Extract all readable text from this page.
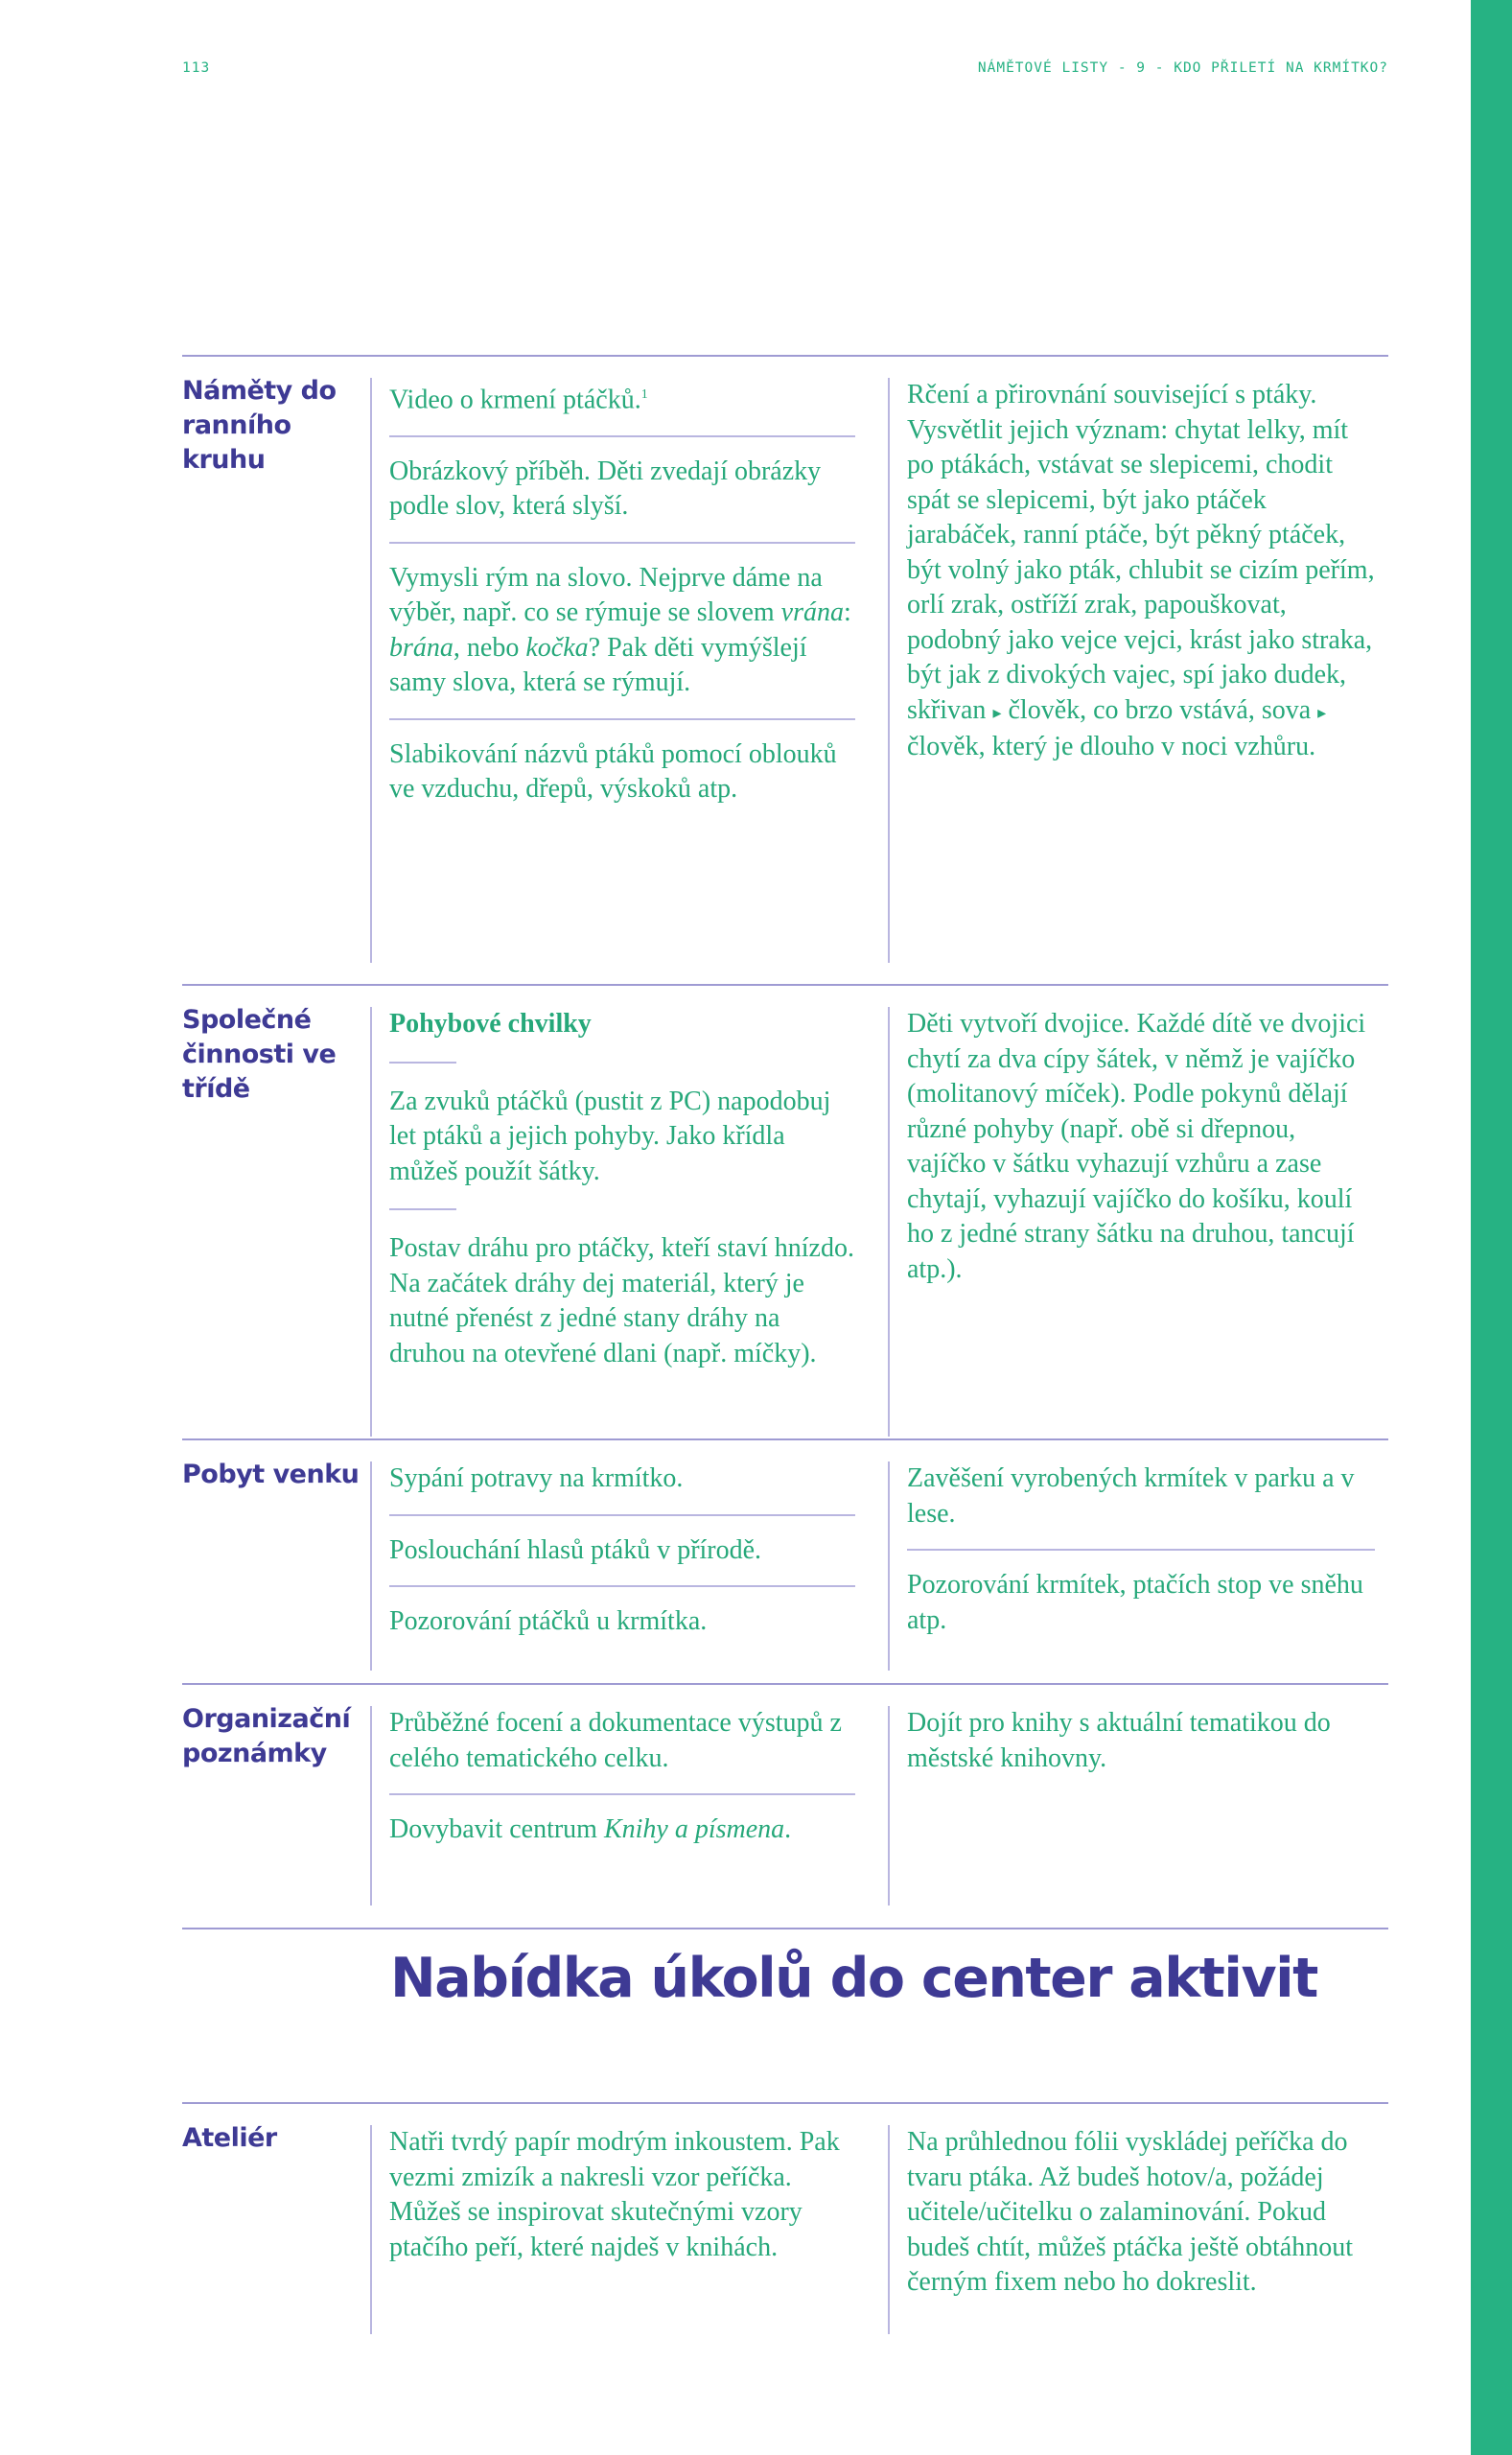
113	NÁMĚTOVÉ LISTY - 9 - KDO PŘILETÍ NA KRMÍTKO?
Náměty do ranního kruhu
Video o krmení ptáčků.$^1$
Obrázkový příběh. Děti zvedají obrázky podle slov, která slyší.
Vymysli rým na slovo. Nejprve dáme na výběr, např. co se rýmuje se slovem vrána: brána, nebo kočka? Pak děti vymýšlejí samy slova, která se rýmují.
Slabikování názvů ptáků pomocí oblouků ve vzduchu, dřepů, výskoků atp.
Rčení a přirovnání související s ptáky. Vysvětlit jejich význam: chytat lelky, mít po ptákách, vstávat se slepicemi, chodit spát se slepicemi, být jako ptáček jarabáček, ranní ptáče, být pěkný ptáček, být volný jako pták, chlubit se cizím peřím, orlí zrak, ostříží zrak, papouškovat, podobný jako vejce vejci, krást jako straka, být jak z divokých vajec, spí jako dudek, skřivan ▸ člověk, co brzo vstává, sova ▸ člověk, který je dlouho v noci vzhůru.
Společné činnosti ve třídě
Pohybové chvilky
Za zvuků ptáčků (pustit z PC) napodobuj let ptáků a jejich pohyby. Jako křídla můžeš použít šátky.
Postav dráhu pro ptáčky, kteří staví hnízdo. Na začátek dráhy dej materiál, který je nutné přenést z jedné stany dráhy na druhou na otevřené dlani (např. míčky).
Děti vytvoří dvojice. Každé dítě ve dvojici chytí za dva cípy šátek, v němž je vajíčko (molitanový míček). Podle pokynů dělají různé pohyby (např. obě si dřepnou, vajíčko v šátku vyhazují vzhůru a zase chytají, vyhazují vajíčko do košíku, koulí ho z jedné strany šátku na druhou, tancují atp.).
Pobyt venku Sypání potravy na krmítko.
Poslouchání hlasů ptáků v přírodě.
Pozorování ptáčků u krmítka.
Zavěšení vyrobených krmítek v parku a v lese.
Pozorování krmítek, ptačích stop ve sněhu atp.
Organizační poznámky
Průběžné focení a dokumentace výstupů z celého tematického celku.
Dovybavit centrum Knihy a písmena.
Dojít pro knihy s aktuální tematikou do městské knihovny.
Nabídka úkolů do center aktivit
Ateliér	Natři tvrdý papír modrým inkoustem. Pak vezmi zmizík a nakresli vzor peříčka. Můžeš se inspirovat skutečnými vzory ptačího peří, které najdeš v knihách.
Na průhlednou fólii vyskládej peříčka do tvaru ptáka. Až budeš hotov/a, požádej učitele/učitelku o zalaminování. Pokud budeš chtít, můžeš ptáčka ještě obtáhnout černým fixem nebo ho dokreslit.
